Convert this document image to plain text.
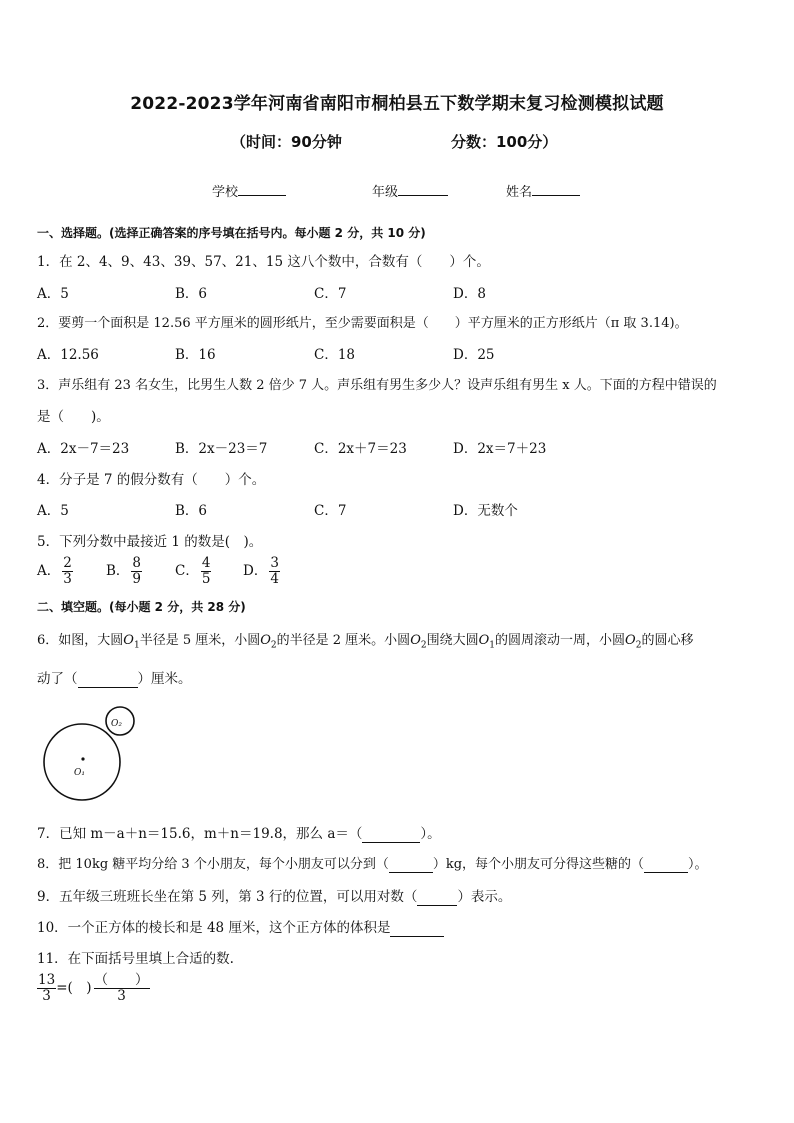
2022-2023学年河南省南阳市桐柏县五下数学期末复习检测模拟试题
（时间：90分钟	分数：100分）
学校	年级	姓名
一、选择题。(选择正确答案的序号填在括号内。每小题 2 分，共 10 分)
1．在 2、4、9、43、39、57、21、15 这八个数中，合数有（　　）个。
A．5	B．6	C．7	D．8
2．要剪一个面积是 12.56 平方厘米的圆形纸片，至少需要面积是（　　）平方厘米的正方形纸片（π 取 3.14)。
A．12.56	B．16	C．18	D．25
3．声乐组有 23 名女生，比男生人数 2 倍少 7 人。声乐组有男生多少人？设声乐组有男生 x 人。下面的方程中错误的
是（　　)。
A．2x－7＝23	B．2x－23＝7	C．2x＋7＝23	D．2x＝7＋23
4．分子是 7 的假分数有（　　）个。
A．5	B．6	C．7	D．无数个
5．下列分数中最接近 1 的数是(　)。
A． $\frac{2}{3}$ B． $\frac{8}{9}$ C． $\frac{4}{5}$ D． $\frac{3}{4}$
二、填空题。(每小题 2 分，共 28 分)
6．如图，大圆$O_1$半径是 5 厘米，小圆$O_2$的半径是 2 厘米。小圆$O_2$围绕大圆$O_1$的圆周滚动一周，小圆$O_2$的圆心移
动了（	）厘米。
O₁
O₂
7．已知 m－a＋n＝15.6，m＋n＝19.8，那么 a＝（	）。
8．把 10kg 糖平均分给 3 个小朋友，每个小朋友可以分到（	）kg，每个小朋友可分得这些糖的（	）。
9．五年级三班班长坐在第 5 列，第 3 行的位置，可以用对数（	）表示。
10．一个正方体的棱长和是 48 厘米，这个正方体的体积是
11．在下面括号里填上合适的数.
$\frac{13}{3}$ =(　) $\frac{( )}{3}$
